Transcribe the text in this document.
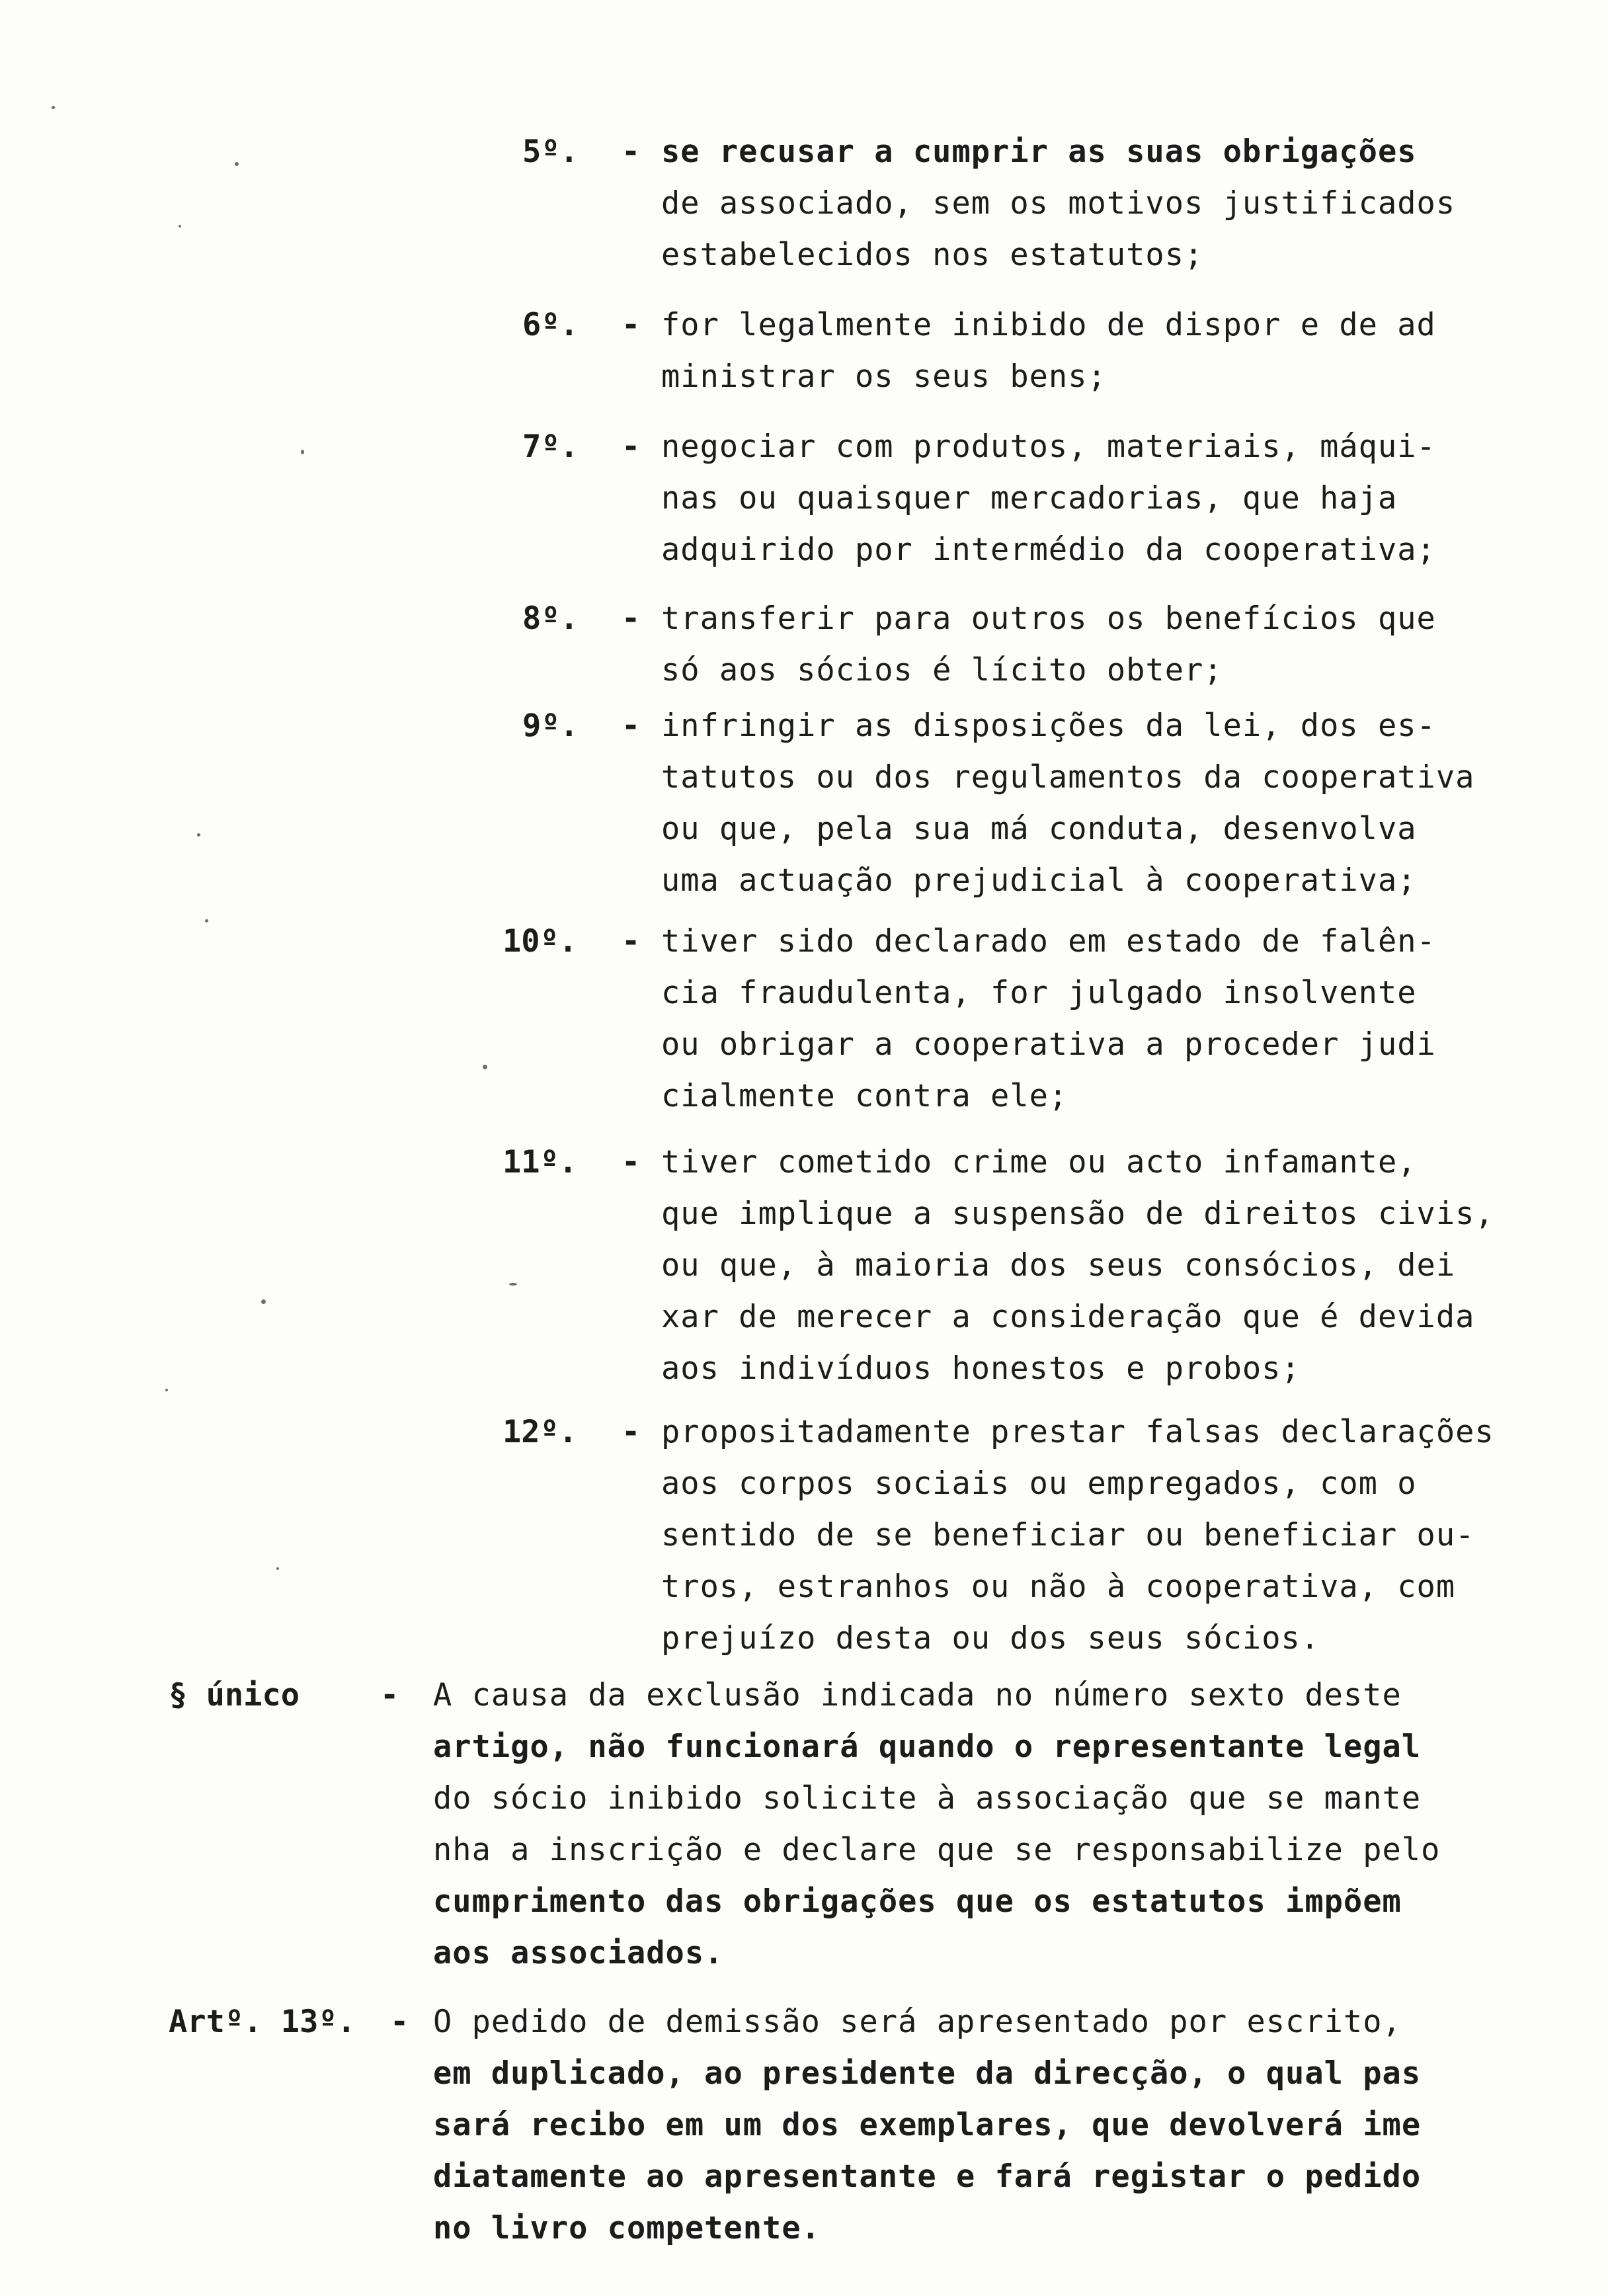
5º. - se recusar a cumprir as suas obrigações
de associado, sem os motivos justificados
estabelecidos nos estatutos;
6º. - for legalmente inibido de dispor e de ad
ministrar os seus bens;
7º. - negociar com produtos, materiais, máqui-
nas ou quaisquer mercadorias, que haja
adquirido por intermédio da cooperativa;
8º. - transferir para outros os benefícios que
só aos sócios é lícito obter;
9º. - infringir as disposições da lei, dos es-
tatutos ou dos regulamentos da cooperativa
ou que, pela sua má conduta, desenvolva
uma actuação prejudicial à cooperativa;
10º. - tiver sido declarado em estado de falên-
cia fraudulenta, for julgado insolvente
ou obrigar a cooperativa a proceder judi
cialmente contra ele;
11º. - tiver cometido crime ou acto infamante,
que implique a suspensão de direitos civis,
ou que, à maioria dos seus consócios, dei
xar de merecer a consideração que é devida
aos indivíduos honestos e probos;
12º. - propositadamente prestar falsas declarações
aos corpos sociais ou empregados, com o
sentido de se beneficiar ou beneficiar ou-
tros, estranhos ou não à cooperativa, com
prejuízo desta ou dos seus sócios.
§ único	- A causa da exclusão indicada no número sexto deste
artigo, não funcionará quando o representante legal
do sócio inibido solicite à associação que se mante
nha a inscrição e declare que se responsabilize pelo
cumprimento das obrigações que os estatutos impõem
aos associados.
Artº. 13º. - O pedido de demissão será apresentado por escrito,
em duplicado, ao presidente da direcção, o qual pas
sará recibo em um dos exemplares, que devolverá ime
diatamente ao apresentante e fará registar o pedido
no livro competente.
